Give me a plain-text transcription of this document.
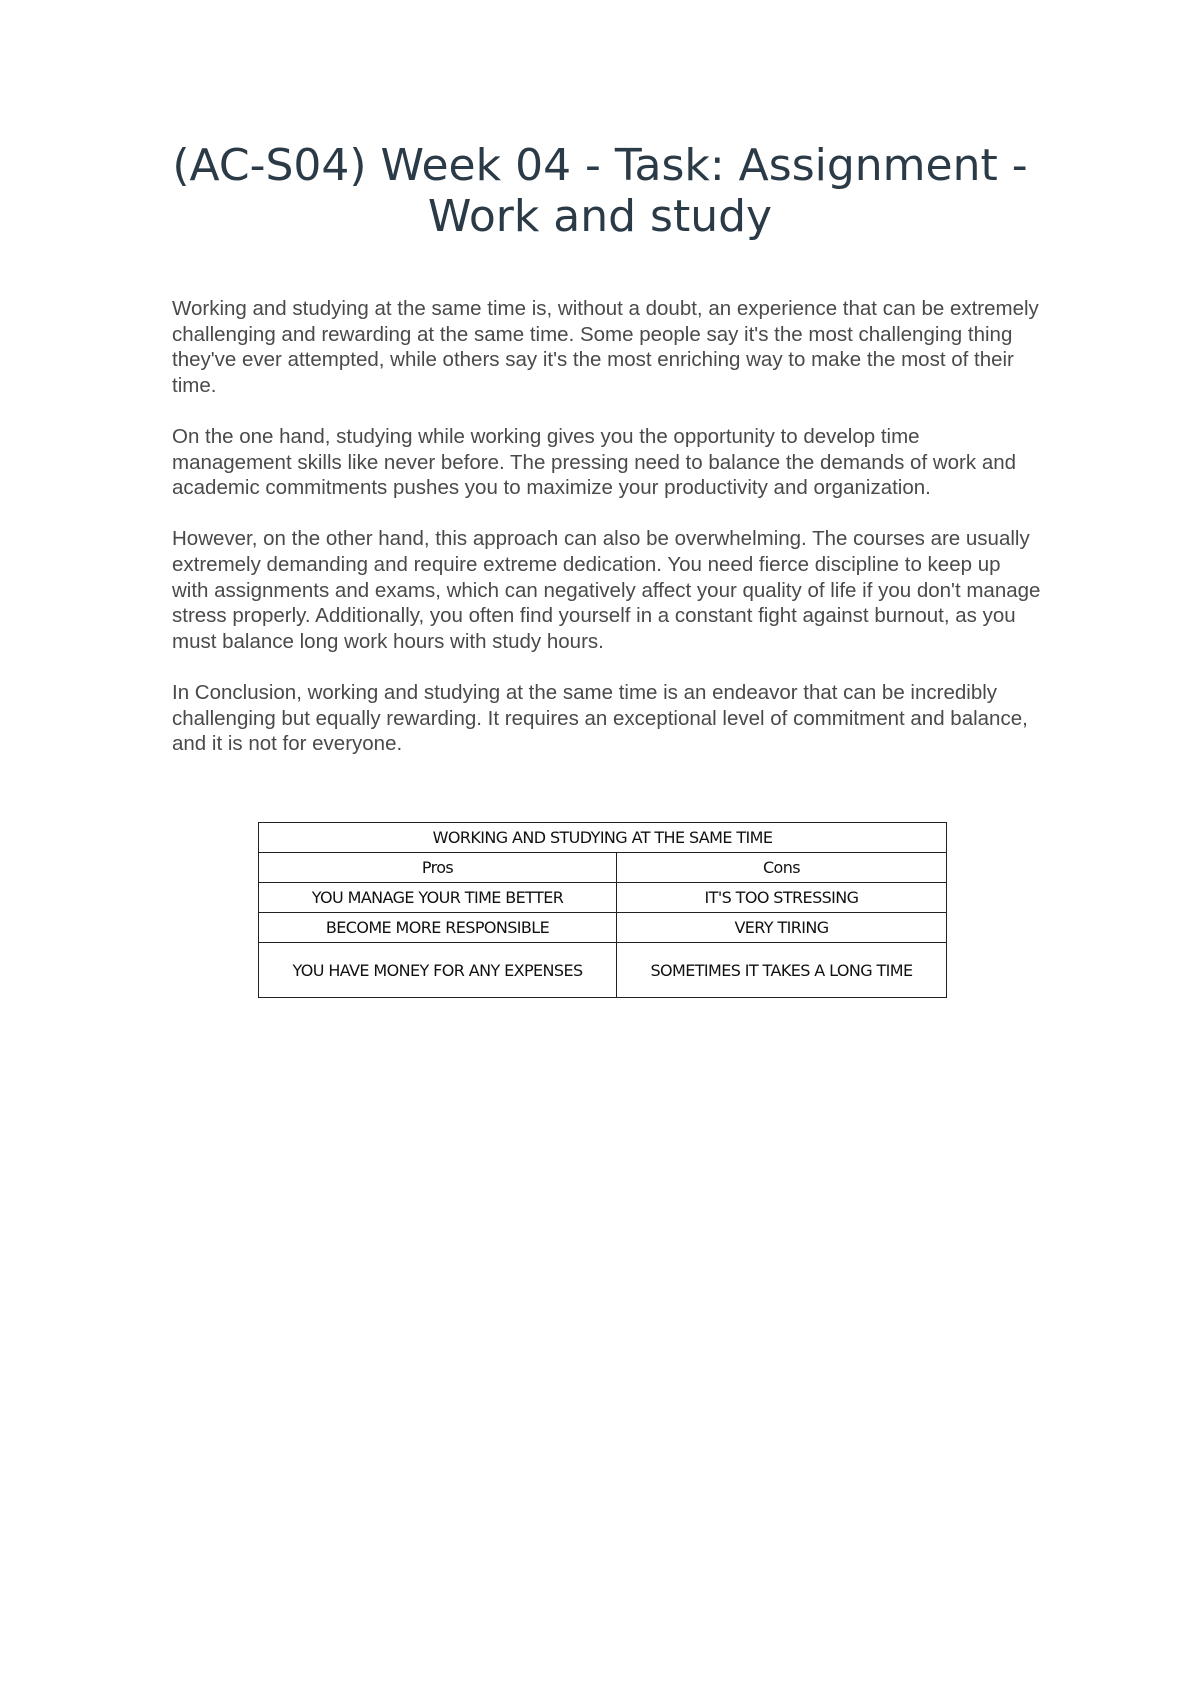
(AC-S04) Week 04 - Task: Assignment - Work and study

Working and studying at the same time is, without a doubt, an experience that can be extremely challenging and rewarding at the same time. Some people say it's the most challenging thing they've ever attempted, while others say it's the most enriching way to make the most of their time.

On the one hand, studying while working gives you the opportunity to develop time management skills like never before. The pressing need to balance the demands of work and academic commitments pushes you to maximize your productivity and organization.

However, on the other hand, this approach can also be overwhelming. The courses are usually extremely demanding and require extreme dedication. You need fierce discipline to keep up with assignments and exams, which can negatively affect your quality of life if you don't manage stress properly. Additionally, you often find yourself in a constant fight against burnout, as you must balance long work hours with study hours.

In Conclusion, working and studying at the same time is an endeavor that can be incredibly challenging but equally rewarding. It requires an exceptional level of commitment and balance, and it is not for everyone.

WORKING AND STUDYING AT THE SAME TIME	
Pros	Cons
YOU MANAGE YOUR TIME BETTER	IT'S TOO STRESSING
BECOME MORE RESPONSIBLE	VERY TIRING
YOU HAVE MONEY FOR ANY EXPENSES	SOMETIMES IT TAKES A LONG TIME
